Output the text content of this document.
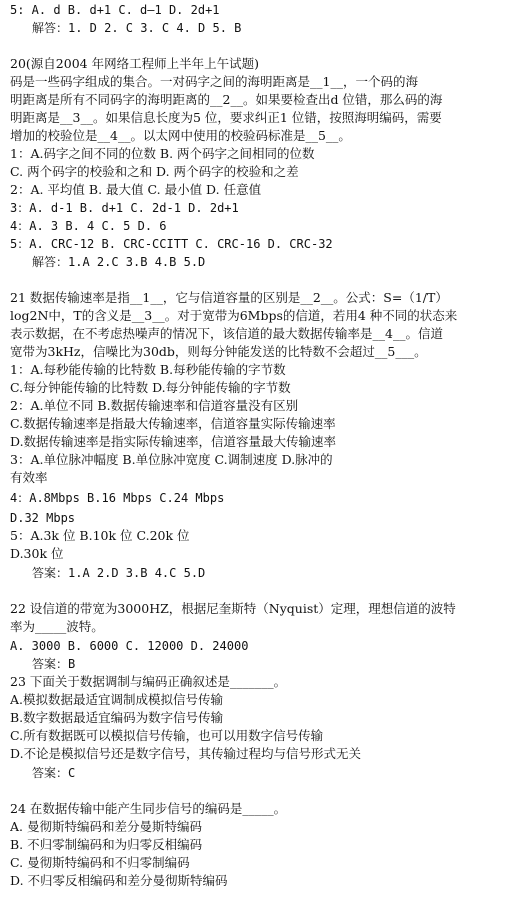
5: A. d B. d+1 C. d—1 D. 2d+1
解答：1. D 2. C 3. C 4. D 5. B
20(源自2004 年网络工程师上半年上午试题)
码是一些码字组成的集合。一对码字之间的海明距离是__1__，一个码的海
明距离是所有不同码字的海明距离的__2__。如果要检查出d 位错，那么码的海
明距离是__3__。如果信息长度为5 位，要求纠正1 位错，按照海明编码，需要
增加的校验位是__4__。以太网中使用的校验码标准是__5__。
1：A.码字之间不同的位数 B. 两个码字之间相同的位数
C. 两个码字的校验和之和 D. 两个码字的校验和之差
2：A. 平均值 B. 最大值 C. 最小值 D. 任意值
3：A. d-1 B. d+1 C. 2d-1 D. 2d+1
4：A. 3 B. 4 C. 5 D. 6
5：A. CRC-12 B. CRC-CCITT C. CRC-16 D. CRC-32
解答：1.A 2.C 3.B 4.B 5.D
21 数据传输速率是指__1__，它与信道容量的区别是__2__。公式：S=（1/T）
log2N中，T的含义是__3__。对于宽带为6Mbps的信道，若用4 种不同的状态来
表示数据，在不考虑热噪声的情况下，该信道的最大数据传输率是__4__。信道
宽带为3kHz，信噪比为30db，则每分钟能发送的比特数不会超过__5___。
1：A.每秒能传输的比特数 B.每秒能传输的字节数
C.每分钟能传输的比特数 D.每分钟能传输的字节数
2：A.单位不同 B.数据传输速率和信道容量没有区别
C.数据传输速率是指最大传输速率，信道容量实际传输速率
D.数据传输速率是指实际传输速率，信道容量最大传输速率
3：A.单位脉冲幅度 B.单位脉冲宽度 C.调制速度 D.脉冲的
有效率
4：A.8Mbps B.16 Mbps C.24 Mbps
D.32 Mbps
5：A.3k 位 B.10k 位 C.20k 位
D.30k 位
答案：1.A 2.D 3.B 4.C 5.D
22 设信道的带宽为3000HZ，根据尼奎斯特（Nyquist）定理，理想信道的波特
率为_____波特。
A. 3000 B. 6000 C. 12000 D. 24000
答案：B
23 下面关于数据调制与编码正确叙述是_______。
A.模拟数据最适宜调制成模拟信号传输
B.数字数据最适宜编码为数字信号传输
C.所有数据既可以模拟信号传输，也可以用数字信号传输
D.不论是模拟信号还是数字信号，其传输过程均与信号形式无关
答案：C
24 在数据传输中能产生同步信号的编码是_____。
A. 曼彻斯特编码和差分曼斯特编码
B. 不归零制编码和为归零反相编码
C. 曼彻斯特编码和不归零制编码
D. 不归零反相编码和差分曼彻斯特编码
